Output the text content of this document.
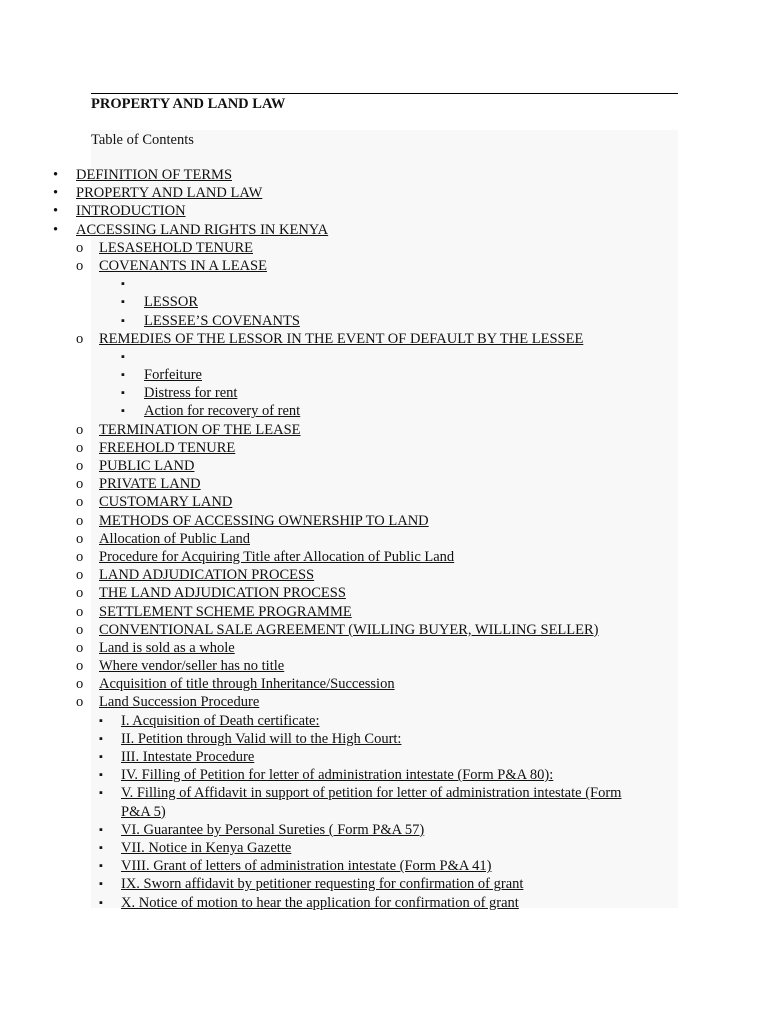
PROPERTY AND LAND LAW
Table of Contents
•	DEFINITION OF TERMS
•	PROPERTY AND LAND LAW
•	INTRODUCTION
•	ACCESSING LAND RIGHTS IN KENYA
o	LESASEHOLD TENURE
o	COVENANTS IN A LEASE
▪
▪	LESSOR
▪	LESSEE’S COVENANTS
o	REMEDIES OF THE LESSOR IN THE EVENT OF DEFAULT BY THE LESSEE
▪
▪	Forfeiture
▪	Distress for rent
▪	Action for recovery of rent
o	TERMINATION OF THE LEASE
o	FREEHOLD TENURE
o	PUBLIC LAND
o	PRIVATE LAND
o	CUSTOMARY LAND
o	METHODS OF ACCESSING OWNERSHIP TO LAND
o	Allocation of Public Land
o	Procedure for Acquiring Title after Allocation of Public Land
o	LAND ADJUDICATION PROCESS
o	THE LAND ADJUDICATION PROCESS
o	SETTLEMENT SCHEME PROGRAMME
o	CONVENTIONAL SALE AGREEMENT (WILLING BUYER, WILLING SELLER)
o	Land is sold as a whole
o	Where vendor/seller has no title
o	Acquisition of title through Inheritance/Succession
o	Land Succession Procedure
▪	I. Acquisition of Death certificate:
▪	II. Petition through Valid will to the High Court:
▪	III. Intestate Procedure
▪	IV. Filling of Petition for letter of administration intestate (Form P&A 80):
▪	V. Filling of Affidavit in support of petition for letter of administration intestate (Form
P&A 5)
▪	VI. Guarantee by Personal Sureties ( Form P&A 57)
▪	VII. Notice in Kenya Gazette
▪	VIII. Grant of letters of administration intestate (Form P&A 41)
▪	IX. Sworn affidavit by petitioner requesting for confirmation of grant
▪	X. Notice of motion to hear the application for confirmation of grant
